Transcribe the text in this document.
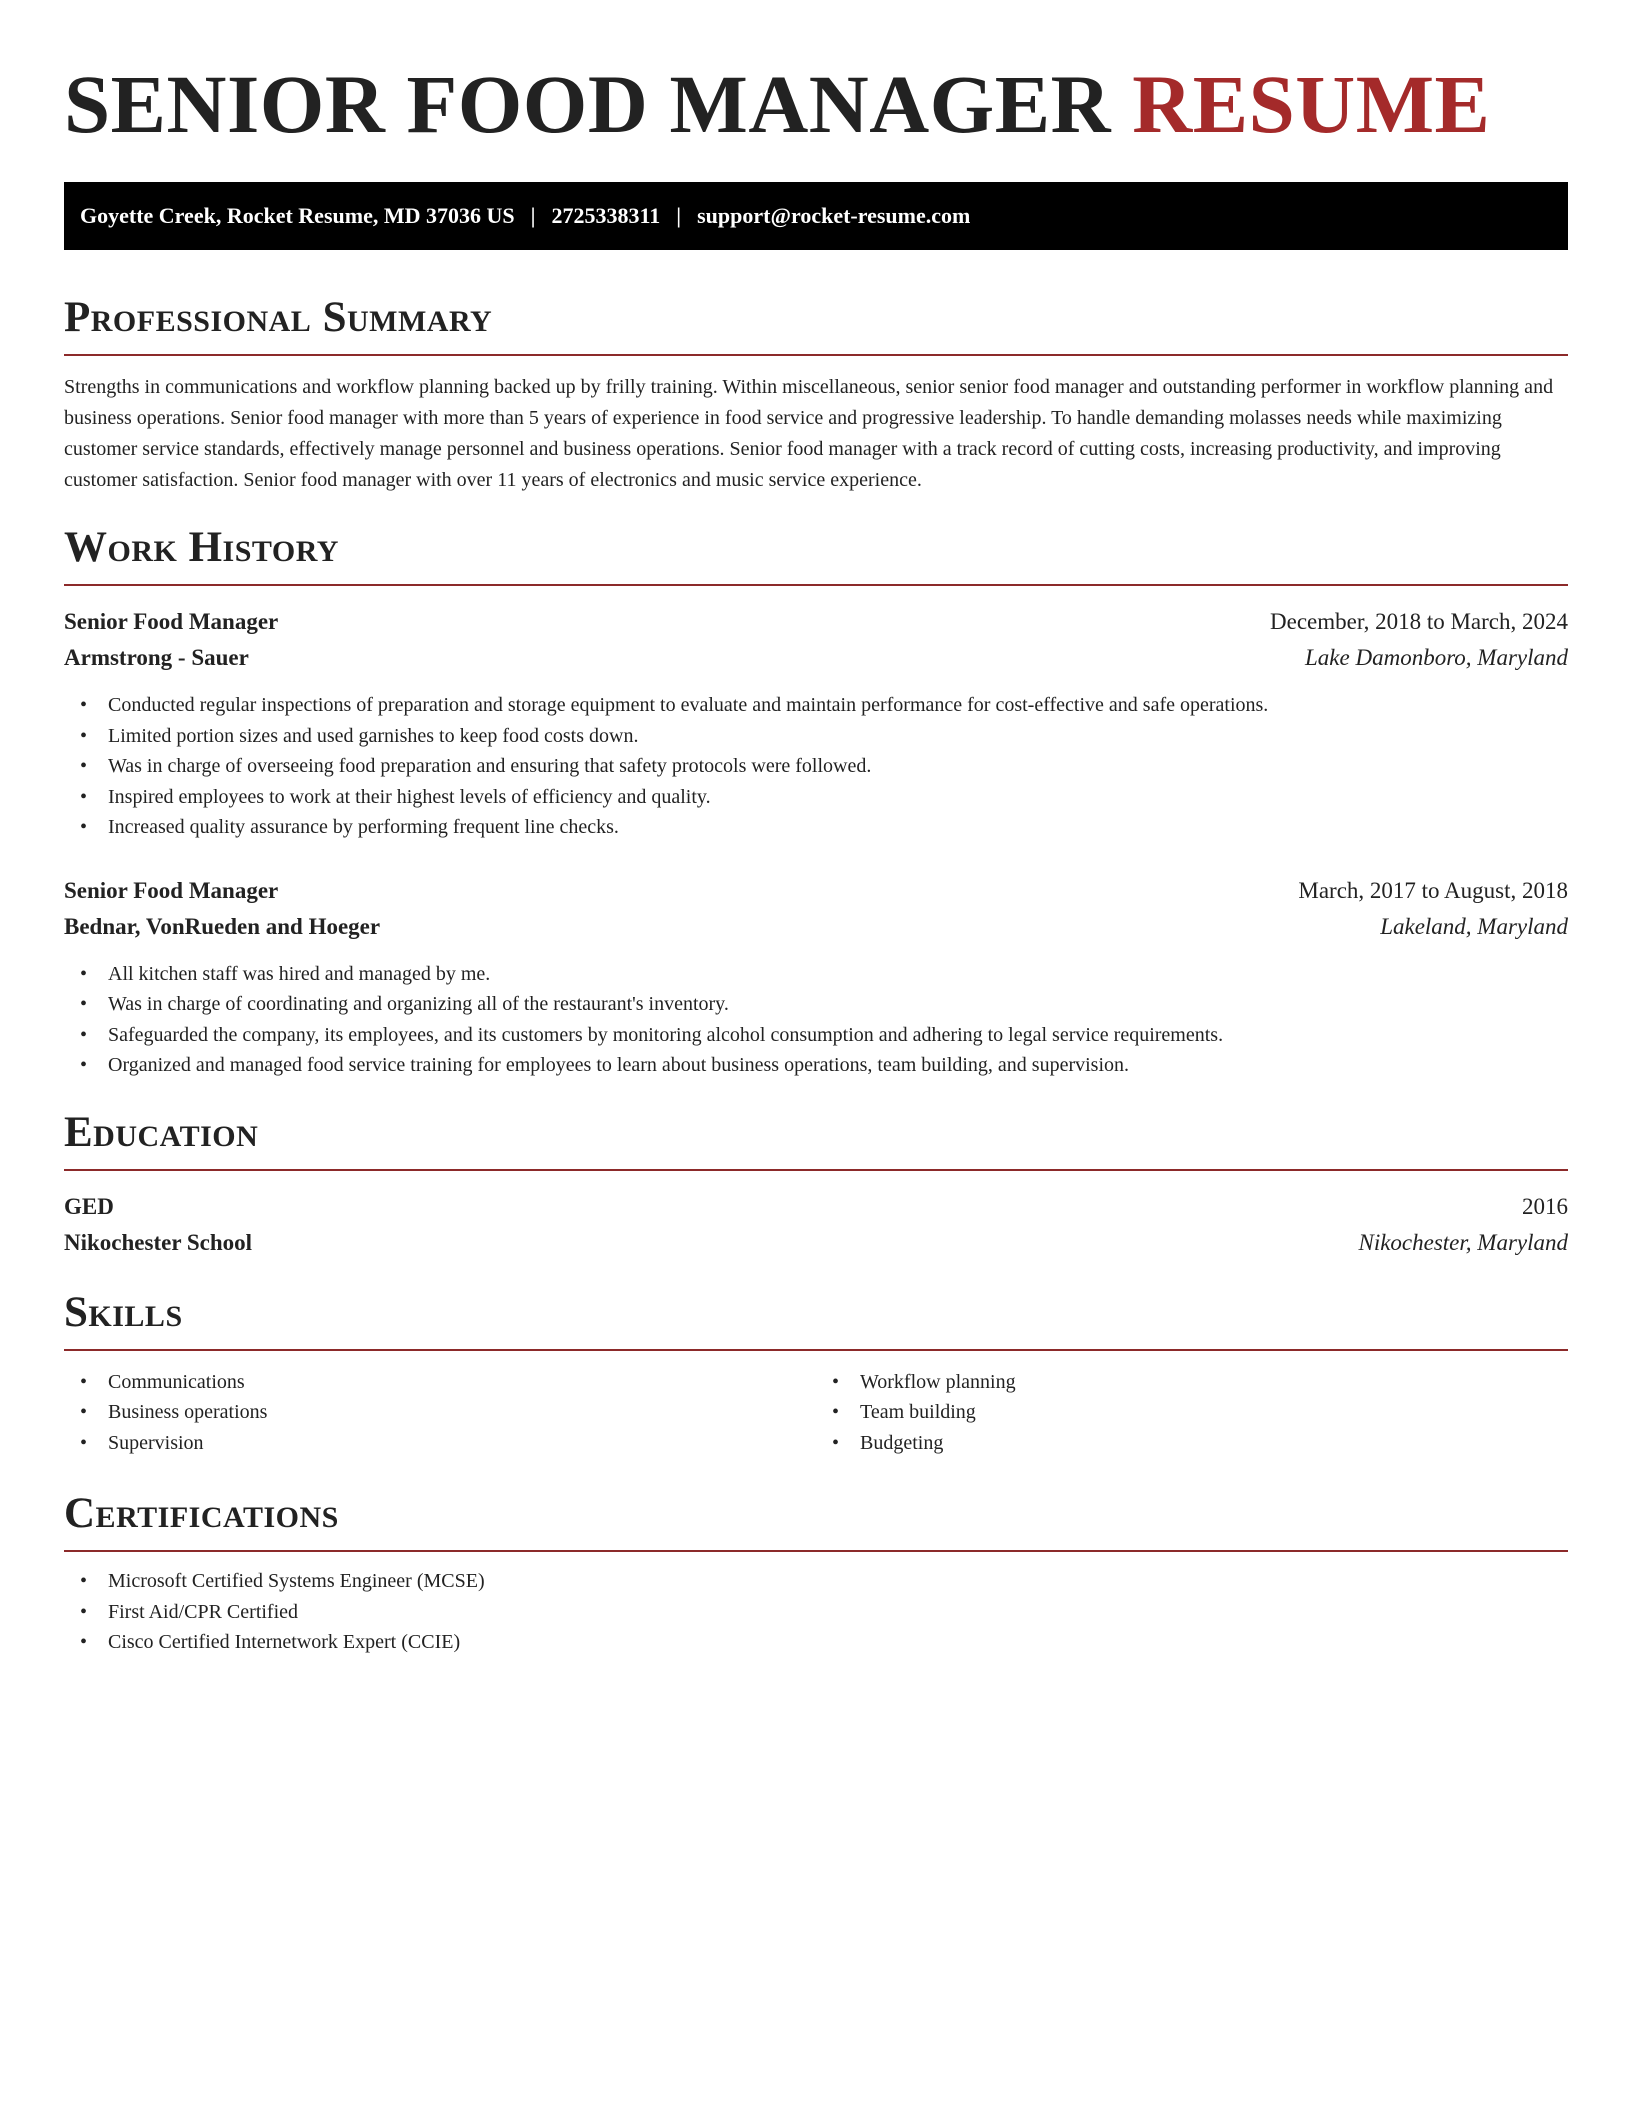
SENIOR FOOD MANAGER RESUME
Goyette Creek, Rocket Resume, MD 37036 US | 2725338311 | support@rocket-resume.com
Professional Summary

Strengths in communications and workflow planning backed up by frilly training. Within miscellaneous, senior senior food manager and outstanding performer in workflow planning and business operations. Senior food manager with more than 5 years of experience in food service and progressive leadership. To handle demanding molasses needs while maximizing customer service standards, effectively manage personnel and business operations. Senior food manager with a track record of cutting costs, increasing productivity, and improving customer satisfaction. Senior food manager with over 11 years of electronics and music service experience.

Work History
Senior Food Manager	December, 2018 to March, 2024
Armstrong - Sauer	Lake Damonboro, Maryland
• Conducted regular inspections of preparation and storage equipment to evaluate and maintain performance for cost-effective and safe operations.
• Limited portion sizes and used garnishes to keep food costs down.
• Was in charge of overseeing food preparation and ensuring that safety protocols were followed.
• Inspired employees to work at their highest levels of efficiency and quality.
• Increased quality assurance by performing frequent line checks.
Senior Food Manager	March, 2017 to August, 2018
Bednar, VonRueden and Hoeger	Lakeland, Maryland
• All kitchen staff was hired and managed by me.
• Was in charge of coordinating and organizing all of the restaurant's inventory.
• Safeguarded the company, its employees, and its customers by monitoring alcohol consumption and adhering to legal service requirements.
• Organized and managed food service training for employees to learn about business operations, team building, and supervision.
Education
GED	2016
Nikochester School	Nikochester, Maryland
Skills
• Communications
• Business operations
• Supervision
• Workflow planning
• Team building
• Budgeting
Certifications
• Microsoft Certified Systems Engineer (MCSE)
• First Aid/CPR Certified
• Cisco Certified Internetwork Expert (CCIE)
